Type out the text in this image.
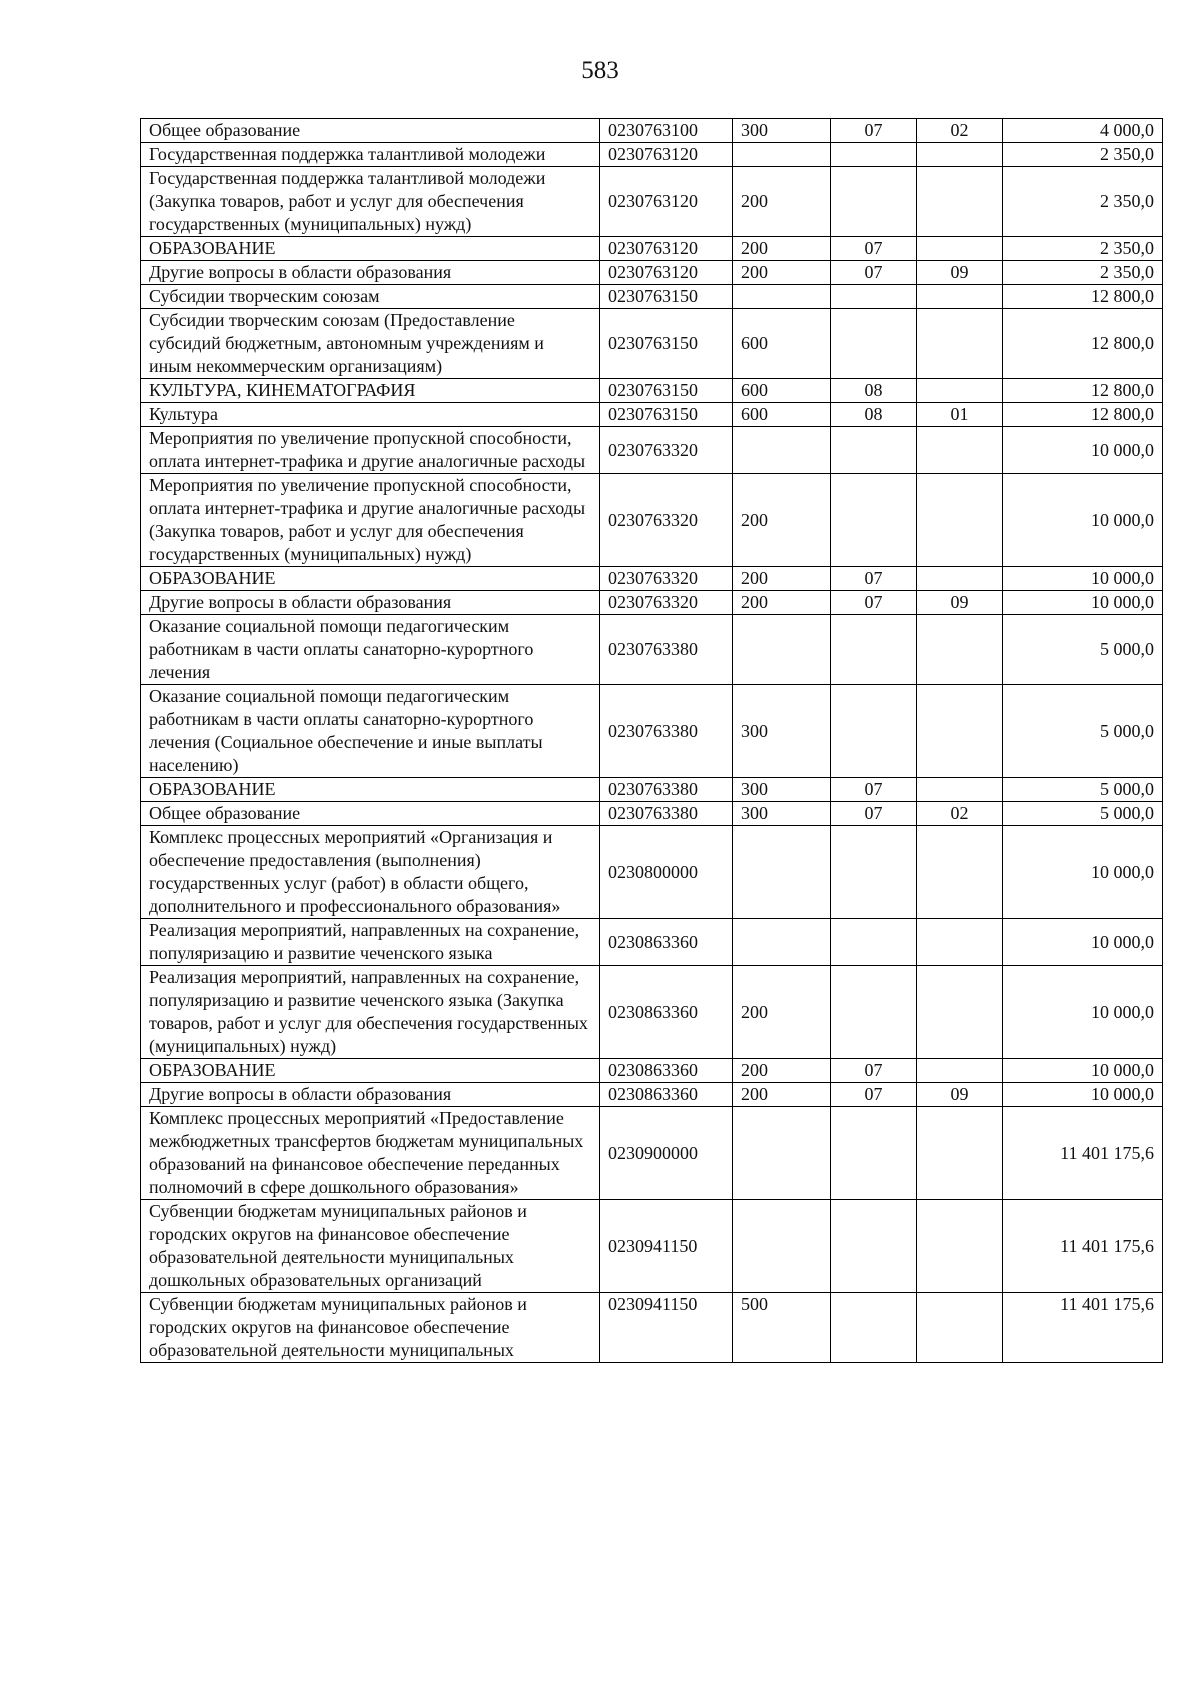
583
Общее образование	0230763100	300	07	02	4 000,0
Государственная поддержка талантливой молодежи	0230763120				2 350,0
Государственная поддержка талантливой молодежи (Закупка товаров, работ и услуг для обеспечения государственных (муниципальных) нужд)	0230763120	200			2 350,0
ОБРАЗОВАНИЕ	0230763120	200	07		2 350,0
Другие вопросы в области образования	0230763120	200	07	09	2 350,0
Субсидии творческим союзам	0230763150				12 800,0
Субсидии творческим союзам (Предоставление субсидий бюджетным, автономным учреждениям и иным некоммерческим организациям)	0230763150	600			12 800,0
КУЛЬТУРА, КИНЕМАТОГРАФИЯ	0230763150	600	08		12 800,0
Культура	0230763150	600	08	01	12 800,0
Мероприятия по увеличение пропускной способности, оплата интернет-трафика и другие аналогичные расходы	0230763320				10 000,0
Мероприятия по увеличение пропускной способности, оплата интернет-трафика и другие аналогичные расходы (Закупка товаров, работ и услуг для обеспечения государственных (муниципальных) нужд)	0230763320	200			10 000,0
ОБРАЗОВАНИЕ	0230763320	200	07		10 000,0
Другие вопросы в области образования	0230763320	200	07	09	10 000,0
Оказание социальной помощи педагогическим работникам в части оплаты санаторно-курортного лечения	0230763380				5 000,0
Оказание социальной помощи педагогическим работникам в части оплаты санаторно-курортного лечения (Социальное обеспечение и иные выплаты населению)	0230763380	300			5 000,0
ОБРАЗОВАНИЕ	0230763380	300	07		5 000,0
Общее образование	0230763380	300	07	02	5 000,0
Комплекс процессных мероприятий «Организация и обеспечение предоставления (выполнения) государственных услуг (работ) в области общего, дополнительного и профессионального образования»	0230800000				10 000,0
Реализация мероприятий, направленных на сохранение, популяризацию и развитие чеченского языка	0230863360				10 000,0
Реализация мероприятий, направленных на сохранение, популяризацию и развитие чеченского языка (Закупка товаров, работ и услуг для обеспечения государственных (муниципальных) нужд)	0230863360	200			10 000,0
ОБРАЗОВАНИЕ	0230863360	200	07		10 000,0
Другие вопросы в области образования	0230863360	200	07	09	10 000,0
Комплекс процессных мероприятий «Предоставление межбюджетных трансфертов бюджетам муниципальных образований на финансовое обеспечение переданных полномочий в сфере дошкольного образования»	0230900000				11 401 175,6
Субвенции бюджетам муниципальных районов и городских округов на финансовое обеспечение образовательной деятельности муниципальных дошкольных образовательных организаций	0230941150				11 401 175,6
Субвенции бюджетам муниципальных районов и городских округов на финансовое обеспечение образовательной деятельности муниципальных	0230941150	500			11 401 175,6
